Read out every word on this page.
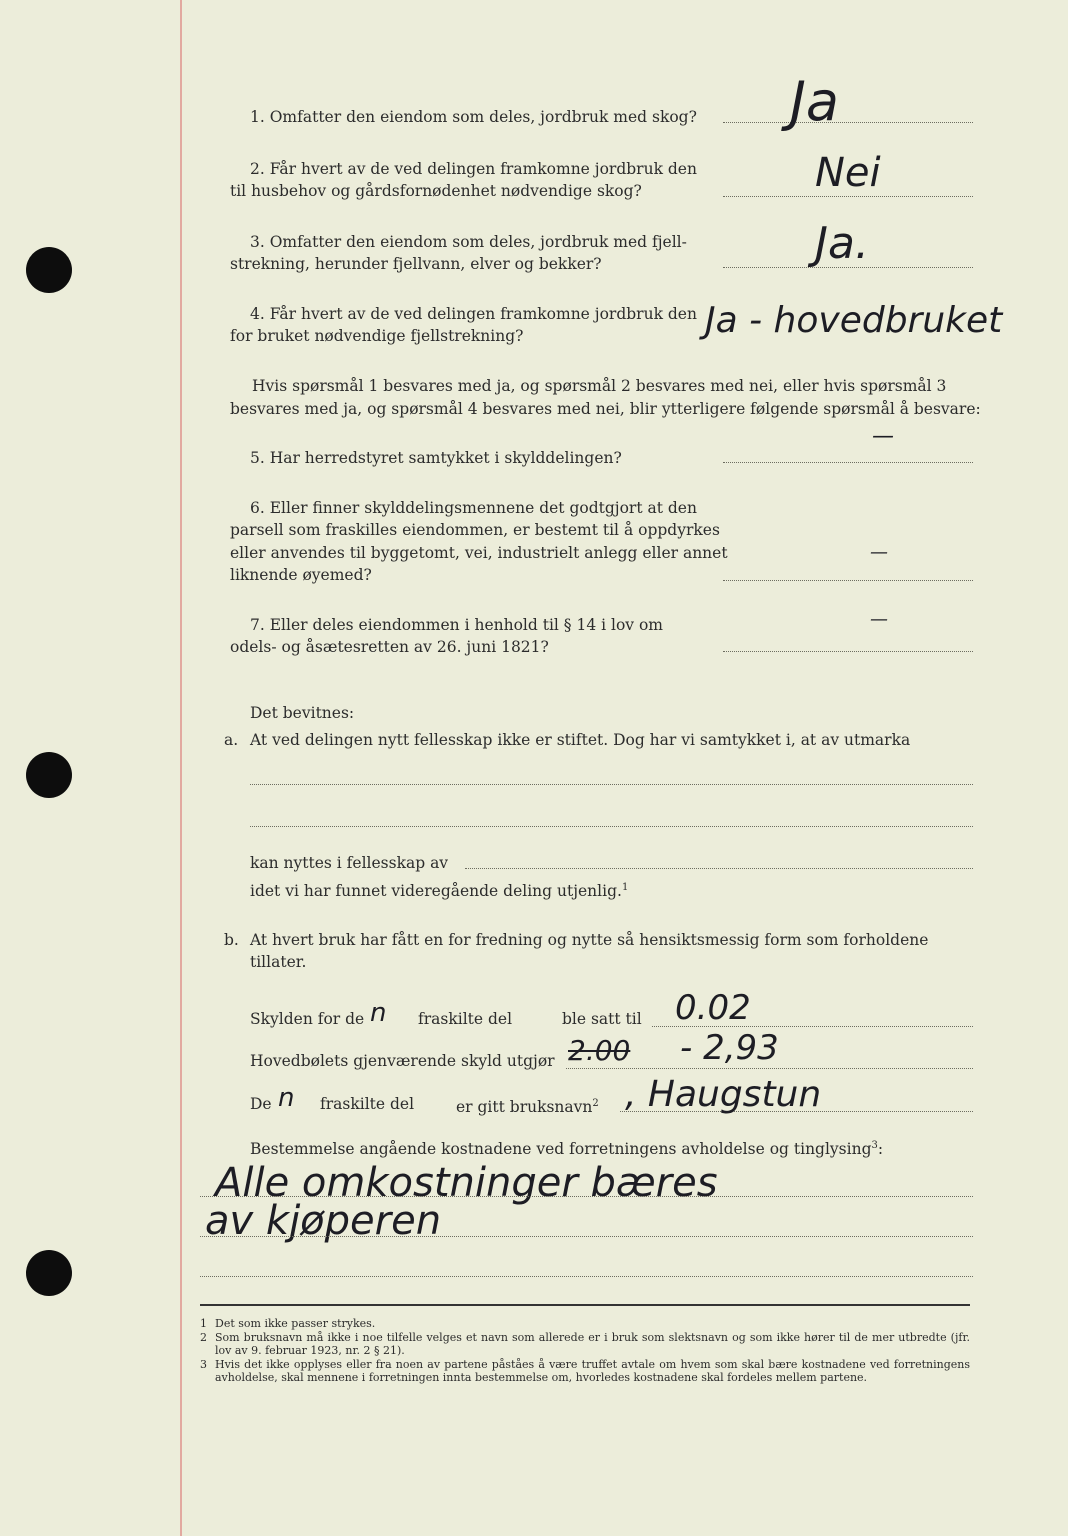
1. Omfatter den eiendom som deles, jordbruk med skog? Ja
2. Får hvert av de ved delingen framkomne jordbruk den
til husbehov og gårdsfornødenhet nødvendige skog?	Nei
3. Omfatter den eiendom som deles, jordbruk med fjell-
strekning, herunder fjellvann, elver og bekker?	Ja.
4. Får hvert av de ved delingen framkomne jordbruk den
for bruket nødvendige fjellstrekning?	Ja - hovedbruket
Hvis spørsmål 1 besvares med ja, og spørsmål 2 besvares med nei, eller hvis spørsmål 3
besvares med ja, og spørsmål 4 besvares med nei, blir ytterligere følgende spørsmål å besvare:
5. Har herredstyret samtykket i skylddelingen?
—
6. Eller finner skylddelingsmennene det godtgjort at den
parsell som fraskilles eiendommen, er bestemt til å oppdyrkes
eller anvendes til byggetomt, vei, industrielt anlegg eller annet
liknende øyemed?
—
7. Eller deles eiendommen i henhold til § 14 i lov om
odels- og åsætesretten av 26. juni 1821?
—
Det bevitnes:
a. At ved delingen nytt fellesskap ikke er stiftet. Dog har vi samtykket i, at av utmarka
kan nyttes i fellesskap av
idet vi har funnet videregående deling utjenlig.$^1$
b. At hvert bruk har fått en for fredning og nytte så hensiktsmessig form som forholdene
tillater.
Skylden for de n fraskilte del	ble satt til 0.02
Hovedbølets gjenværende skyld utgjør 2.00 - 2,93
De n fraskilte del	er gitt bruksnavn$^2$ , Haugstun
Bestemmelse angående kostnadene ved forretningens avholdelse og tinglysing$^3$:
Alle omkostninger bæres
av kjøperen
1 Det som ikke passer strykes.
2 Som bruksnavn må ikke i noe tilfelle velges et navn som allerede er i bruk som slektsnavn og som ikke hører til de mer utbredte (jfr. lov av 9. februar 1923, nr. 2 § 21).
3 Hvis det ikke opplyses eller fra noen av partene påståes å være truffet avtale om hvem som skal bære kostnadene ved forretningens avholdelse, skal mennene i forretningen innta bestemmelse om, hvorledes kostnadene skal fordeles mellem partene.
